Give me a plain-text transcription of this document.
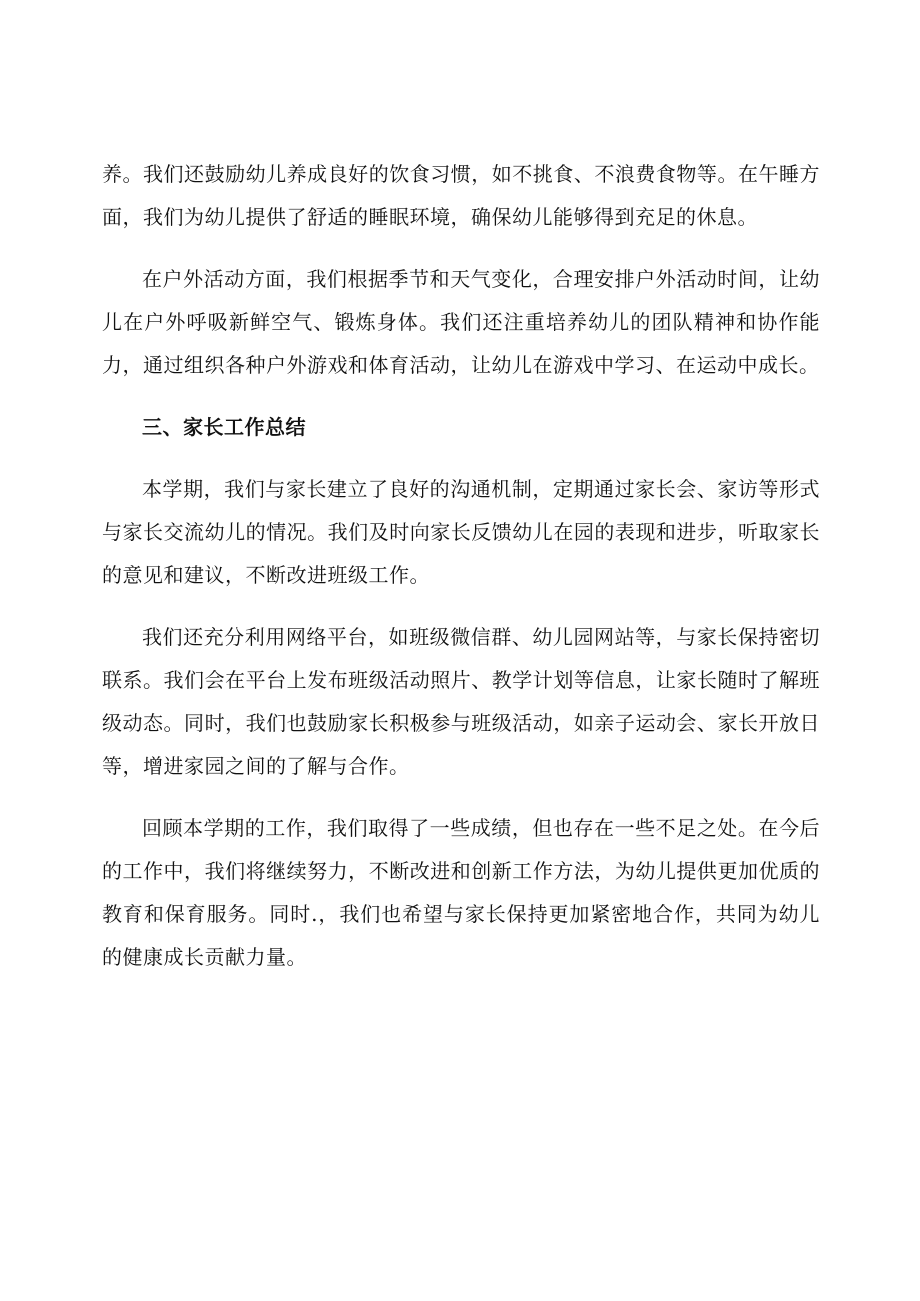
养。我们还鼓励幼儿养成良好的饮食习惯，如不挑食、不浪费食物等。在午睡方面，我们为幼儿提供了舒适的睡眠环境，确保幼儿能够得到充足的休息。

在户外活动方面，我们根据季节和天气变化，合理安排户外活动时间，让幼儿在户外呼吸新鲜空气、锻炼身体。我们还注重培养幼儿的团队精神和协作能力，通过组织各种户外游戏和体育活动，让幼儿在游戏中学习、在运动中成长。

三、家长工作总结

本学期，我们与家长建立了良好的沟通机制，定期通过家长会、家访等形式与家长交流幼儿的情况。我们及时向家长反馈幼儿在园的表现和进步，听取家长的意见和建议，不断改进班级工作。

我们还充分利用网络平台，如班级微信群、幼儿园网站等，与家长保持密切联系。我们会在平台上发布班级活动照片、教学计划等信息，让家长随时了解班级动态。同时，我们也鼓励家长积极参与班级活动，如亲子运动会、家长开放日等，增进家园之间的了解与合作。

回顾本学期的工作，我们取得了一些成绩，但也存在一些不足之处。在今后的工作中，我们将继续努力，不断改进和创新工作方法，为幼儿提供更加优质的教育和保育服务。同时.，我们也希望与家长保持更加紧密地合作，共同为幼儿的健康成长贡献力量。
